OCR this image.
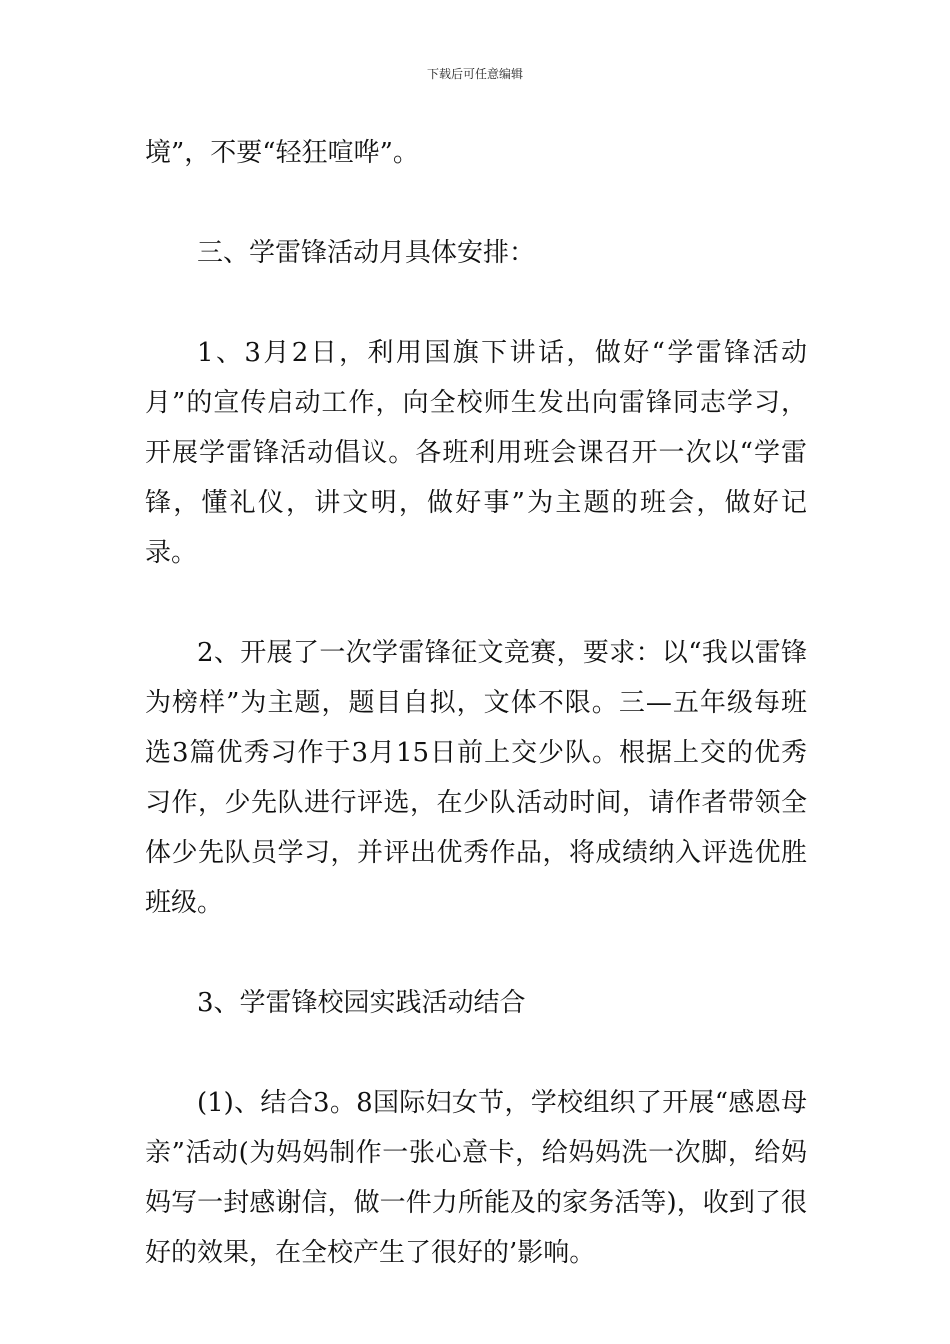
下载后可任意编辑

境”，不要“轻狂喧哗”。

三、学雷锋活动月具体安排：

1、3月2日，利用国旗下讲话，做好“学雷锋活动月”的宣传启动工作，向全校师生发出向雷锋同志学习，开展学雷锋活动倡议。各班利用班会课召开一次以“学雷锋，懂礼仪，讲文明，做好事”为主题的班会，做好记录。

2、开展了一次学雷锋征文竞赛，要求：以“我以雷锋为榜样”为主题，题目自拟，文体不限。三—五年级每班选3篇优秀习作于3月15日前上交少队。根据上交的优秀习作，少先队进行评选，在少队活动时间，请作者带领全体少先队员学习，并评出优秀作品，将成绩纳入评选优胜班级。

3、学雷锋校园实践活动结合

(1)、结合3。8国际妇女节，学校组织了开展“感恩母亲”活动(为妈妈制作一张心意卡，给妈妈洗一次脚，给妈妈写一封感谢信，做一件力所能及的家务活等)，收到了很好的效果，在全校产生了很好的’影响。
